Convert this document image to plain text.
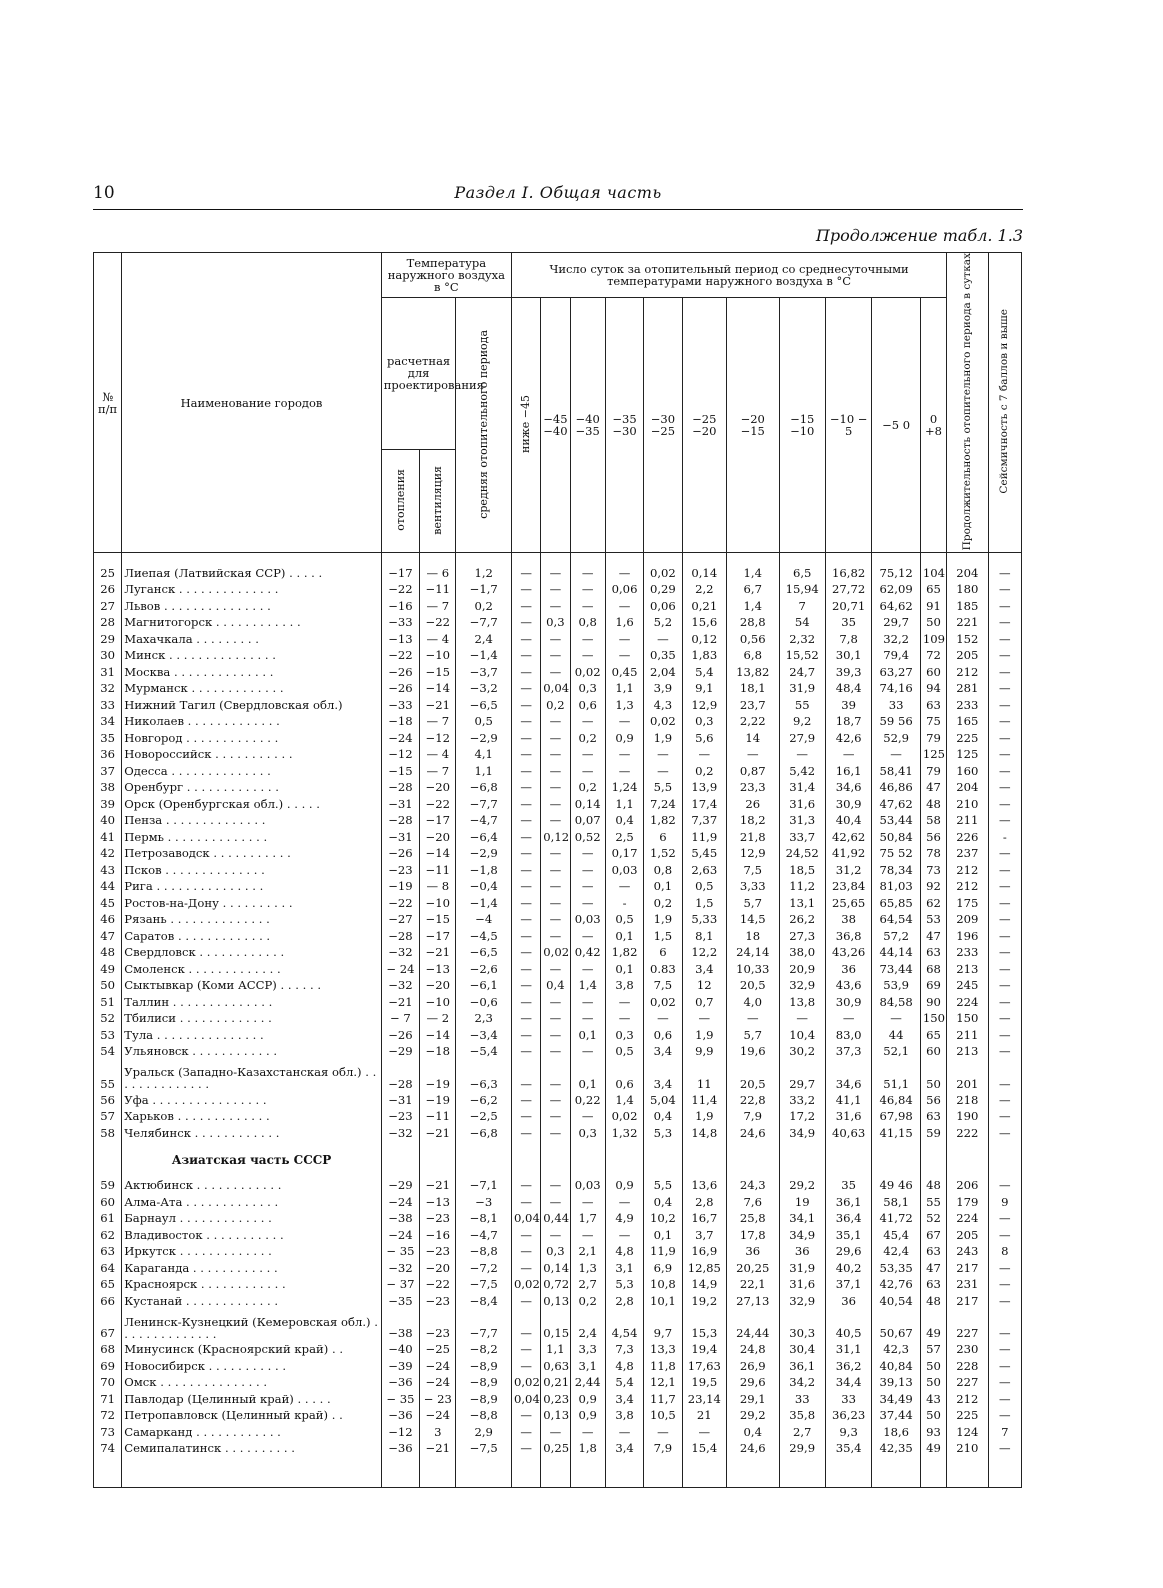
10	Раздел I. Общая часть
Продолжение табл. 1.3
№ п/п	Наименование городов	Температура наружного воздуха в °С			Число суток за отопительный период со среднесуточными температурами наружного воздуха в °С											Продолжительность отопительного периода в сутках	Сейсмичность с 7 баллов и выше
		расчетная для проектирования		средняя отопительного периода	ниже −45	−45 −40	−40 −35	−35 −30	−30 −25	−25 −20	−20 −15	−15 −10	−10 − 5	−5 0	0 +8		
		отопления	вентиляция														

25	Лиепая (Латвийская ССР) . . . . .	−17	— 6	1,2	—	—	—	—	0,02	0,14	1,4	6,5	16,82	75,12	104	204	—
26	Луганск . . . . . . . . . . . . . .	−22	−11	−1,7	—	—	—	0,06	0,29	2,2	6,7	15,94	27,72	62,09	65	180	—
27	Львов . . . . . . . . . . . . . . .	−16	— 7	0,2	—	—	—	—	0,06	0,21	1,4	7	20,71	64,62	91	185	—
28	Магнитогорск . . . . . . . . . . . .	−33	−22	−7,7	—	0,3	0,8	1,6	5,2	15,6	28,8	54	35	29,7	50	221	—
29	Махачкала . . . . . . . . .	−13	— 4	2,4	—	—	—	—	—	0,12	0,56	2,32	7,8	32,2	109	152	—
30	Минск . . . . . . . . . . . . . . .	−22	−10	−1,4	—	—	—	—	0,35	1,83	6,8	15,52	30,1	79,4	72	205	—
31	Москва . . . . . . . . . . . . . .	−26	−15	−3,7	—	—	0,02	0,45	2,04	5,4	13,82	24,7	39,3	63,27	60	212	—
32	Мурманск . . . . . . . . . . . . .	−26	−14	−3,2	—	0,04	0,3	1,1	3,9	9,1	18,1	31,9	48,4	74,16	94	281	—
33	Нижний Тагил (Свердловская обл.)	−33	−21	−6,5	—	0,2	0,6	1,3	4,3	12,9	23,7	55	39	33	63	233	—
34	Николаев . . . . . . . . . . . . .	−18	— 7	0,5	—	—	—	—	0,02	0,3	2,22	9,2	18,7	59 56	75	165	—
35	Новгород . . . . . . . . . . . . .	−24	−12	−2,9	—	—	0,2	0,9	1,9	5,6	14	27,9	42,6	52,9	79	225	—
36	Новороссийск . . . . . . . . . . .	−12	— 4	4,1	—	—	—	—	—	—	—	—	—	—	125	125	—
37	Одесса . . . . . . . . . . . . . .	−15	— 7	1,1	—	—	—	—	—	0,2	0,87	5,42	16,1	58,41	79	160	—
38	Оренбург . . . . . . . . . . . . .	−28	−20	−6,8	—	—	0,2	1,24	5,5	13,9	23,3	31,4	34,6	46,86	47	204	—
39	Орск (Оренбургская обл.) . . . . .	−31	−22	−7,7	—	—	0,14	1,1	7,24	17,4	26	31,6	30,9	47,62	48	210	—
40	Пенза . . . . . . . . . . . . . .	−28	−17	−4,7	—	—	0,07	0,4	1,82	7,37	18,2	31,3	40,4	53,44	58	211	—
41	Пермь . . . . . . . . . . . . . .	−31	−20	−6,4	—	0,12	0,52	2,5	6	11,9	21,8	33,7	42,62	50,84	56	226	-
42	Петрозаводск . . . . . . . . . . .	−26	−14	−2,9	—	—	—	0,17	1,52	5,45	12,9	24,52	41,92	75 52	78	237	—
43	Псков . . . . . . . . . . . . . .	−23	−11	−1,8	—	—	—	0,03	0,8	2,63	7,5	18,5	31,2	78,34	73	212	—
44	Рига . . . . . . . . . . . . . . .	−19	— 8	−0,4	—	—	—	—	0,1	0,5	3,33	11,2	23,84	81,03	92	212	—
45	Ростов-на-Дону . . . . . . . . . .	−22	−10	−1,4	—	—	—	-	0,2	1,5	5,7	13,1	25,65	65,85	62	175	—
46	Рязань . . . . . . . . . . . . . .	−27	−15	−4	—	—	0,03	0,5	1,9	5,33	14,5	26,2	38	64,54	53	209	—
47	Саратов . . . . . . . . . . . . .	−28	−17	−4,5	—	—	—	0,1	1,5	8,1	18	27,3	36,8	57,2	47	196	—
48	Свердловск . . . . . . . . . . . .	−32	−21	−6,5	—	0,02	0,42	1,82	6	12,2	24,14	38,0	43,26	44,14	63	233	—
49	Смоленск . . . . . . . . . . . . .	− 24	−13	−2,6	—	—	—	0,1	0.83	3,4	10,33	20,9	36	73,44	68	213	—
50	Сыктывкар (Коми АССР) . . . . . .	−32	−20	−6,1	—	0,4	1,4	3,8	7,5	12	20,5	32,9	43,6	53,9	69	245	—
51	Таллин . . . . . . . . . . . . . .	−21	−10	−0,6	—	—	—	—	0,02	0,7	4,0	13,8	30,9	84,58	90	224	—
52	Тбилиси . . . . . . . . . . . . .	− 7	— 2	2,3	—	—	—	—	—	—	—	—	—	—	150	150	—
53	Тула . . . . . . . . . . . . . . .	−26	−14	−3,4	—	—	0,1	0,3	0,6	1,9	5,7	10,4	83,0	44	65	211	—
54	Ульяновск . . . . . . . . . . . .	−29	−18	−5,4	—	—	—	0,5	3,4	9,9	19,6	30,2	37,3	52,1	60	213	—
55	Уральск (Западно-Казахстанская обл.) . . . . . . . . . . . . . .	−28	−19	−6,3	—	—	0,1	0,6	3,4	11	20,5	29,7	34,6	51,1	50	201	—
56	Уфа . . . . . . . . . . . . . . . .	−31	−19	−6,2	—	—	0,22	1,4	5,04	11,4	22,8	33,2	41,1	46,84	56	218	—
57	Харьков . . . . . . . . . . . . .	−23	−11	−2,5	—	—	—	0,02	0,4	1,9	7,9	17,2	31,6	67,98	63	190	—
58	Челябинск . . . . . . . . . . . .	−32	−21	−6,8	—	—	0,3	1,32	5,3	14,8	24,6	34,9	40,63	41,15	59	222	—
	Азиатская часть СССР																
59	Актюбинск . . . . . . . . . . . .	−29	−21	−7,1	—	—	0,03	0,9	5,5	13,6	24,3	29,2	35	49 46	48	206	—
60	Алма-Ата . . . . . . . . . . . . .	−24	−13	−3	—	—	—	—	0,4	2,8	7,6	19	36,1	58,1	55	179	9
61	Барнаул . . . . . . . . . . . . .	−38	−23	−8,1	0,04	0,44	1,7	4,9	10,2	16,7	25,8	34,1	36,4	41,72	52	224	—
62	Владивосток . . . . . . . . . . .	−24	−16	−4,7	—	—	—	—	0,1	3,7	17,8	34,9	35,1	45,4	67	205	—
63	Иркутск . . . . . . . . . . . . .	− 35	−23	−8,8	—	0,3	2,1	4,8	11,9	16,9	36	36	29,6	42,4	63	243	8
64	Караганда . . . . . . . . . . . .	−32	−20	−7,2	—	0,14	1,3	3,1	6,9	12,85	20,25	31,9	40,2	53,35	47	217	—
65	Красноярск . . . . . . . . . . . .	− 37	−22	−7,5	0,02	0,72	2,7	5,3	10,8	14,9	22,1	31,6	37,1	42,76	63	231	—
66	Кустанай . . . . . . . . . . . . .	−35	−23	−8,4	—	0,13	0,2	2,8	10,1	19,2	27,13	32,9	36	40,54	48	217	—
67	Ленинск-Кузнецкий (Кемеровская обл.) . . . . . . . . . . . . . .	−38	−23	−7,7	—	0,15	2,4	4,54	9,7	15,3	24,44	30,3	40,5	50,67	49	227	—
68	Минусинск (Красноярский край) . .	−40	−25	−8,2	—	1,1	3,3	7,3	13,3	19,4	24,8	30,4	31,1	42,3	57	230	—
69	Новосибирск . . . . . . . . . . .	−39	−24	−8,9	—	0,63	3,1	4,8	11,8	17,63	26,9	36,1	36,2	40,84	50	228	—
70	Омск . . . . . . . . . . . . . . .	−36	−24	−8,9	0,02	0,21	2,44	5,4	12,1	19,5	29,6	34,2	34,4	39,13	50	227	—
71	Павлодар (Целинный край) . . . . .	− 35	− 23	−8,9	0,04	0,23	0,9	3,4	11,7	23,14	29,1	33	33	34,49	43	212	—
72	Петропавловск (Целинный край) . .	−36	−24	−8,8	—	0,13	0,9	3,8	10,5	21	29,2	35,8	36,23	37,44	50	225	—
73	Самарканд . . . . . . . . . . . .	−12	3	2,9	—	—	—	—	—	—	0,4	2,7	9,3	18,6	93	124	7
74	Семипалатинск . . . . . . . . . .	−36	−21	−7,5	—	0,25	1,8	3,4	7,9	15,4	24,6	29,9	35,4	42,35	49	210	—
